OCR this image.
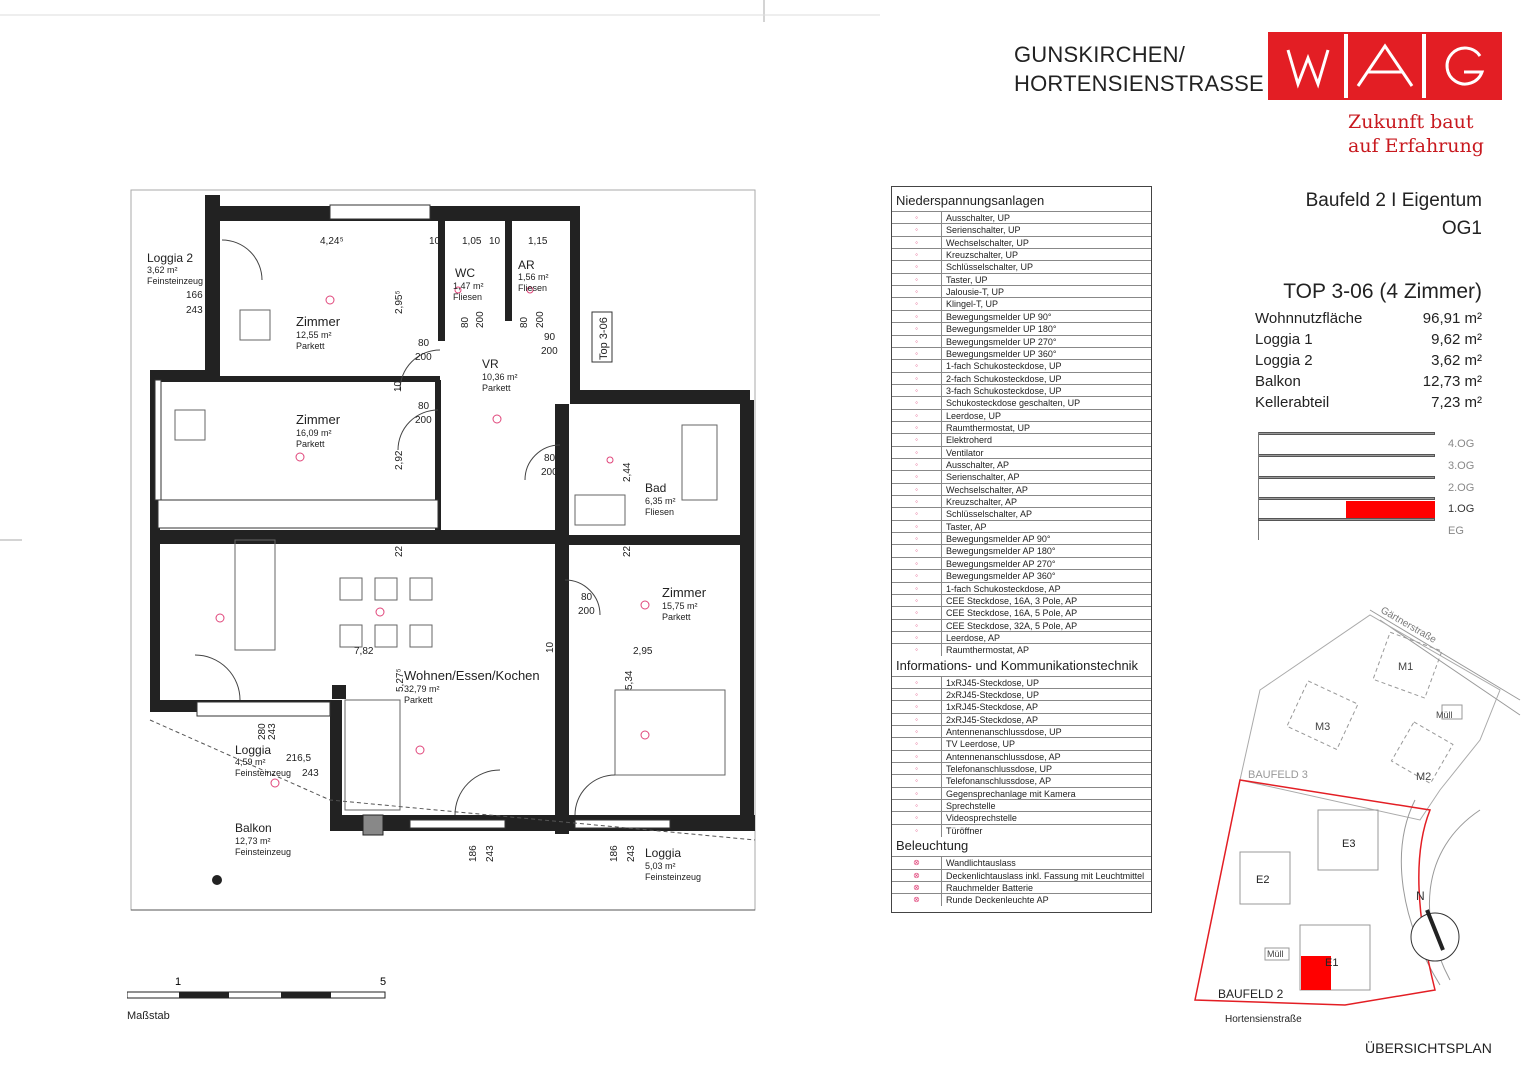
GUNSKIRCHEN/
HORTENSIENSTRASSE
Zukunft baut
auf Erfahrung
Baufeld 2 I Eigentum
OG1
TOP 3-06 (4 Zimmer)
Wohnnutzfläche	96,91 m²
Loggia 1	9,62 m²
Loggia 2	3,62 m²
Balkon	12,73 m²
Kellerabteil	7,23 m²
4.OG
3.OG
2.OG
1.OG
EG
Niederspannungsanlagen
◦	Ausschalter, UP
◦	Serienschalter, UP
◦	Wechselschalter, UP
◦	Kreuzschalter, UP
◦	Schlüsselschalter, UP
◦	Taster, UP
◦	Jalousie-T, UP
◦	Klingel-T, UP
◦	Bewegungsmelder UP 90°
◦	Bewegungsmelder UP 180°
◦	Bewegungsmelder UP 270°
◦	Bewegungsmelder UP 360°
◦	1-fach Schukosteckdose, UP
◦	2-fach Schukosteckdose, UP
◦	3-fach Schukosteckdose, UP
◦	Schukosteckdose geschalten, UP
◦	Leerdose, UP
◦	Raumthermostat, UP
◦	Elektroherd
◦	Ventilator
◦	Ausschalter, AP
◦	Serienschalter, AP
◦	Wechselschalter, AP
◦	Kreuzschalter, AP
◦	Schlüsselschalter, AP
◦	Taster, AP
◦	Bewegungsmelder AP 90°
◦	Bewegungsmelder AP 180°
◦	Bewegungsmelder AP 270°
◦	Bewegungsmelder AP 360°
◦	1-fach Schukosteckdose, AP
◦	CEE Steckdose, 16A, 3 Pole, AP
◦	CEE Steckdose, 16A, 5 Pole, AP
◦	CEE Steckdose, 32A, 5 Pole, AP
◦	Leerdose, AP
◦	Raumthermostat, AP
Informations- und Kommunikationstechnik
◦	1xRJ45-Steckdose, UP
◦	2xRJ45-Steckdose, UP
◦	1xRJ45-Steckdose, AP
◦	2xRJ45-Steckdose, AP
◦	Antennenanschlussdose, UP
◦	TV Leerdose, UP
◦	Antennenanschlussdose, AP
◦	Telefonanschlussdose, UP
◦	Telefonanschlussdose, AP
◦	Gegensprechanlage mit Kamera
◦	Sprechstelle
◦	Videosprechstelle
◦	Türöffner
Beleuchtung
⊗	Wandlichtauslass
⊗	Deckenlichtauslass inkl. Fassung mit Leuchtmittel
⊗	Rauchmelder Batterie
⊗	Runde Deckenleuchte AP
Top 3-06
Loggia 2
3,62 m²
Feinsteinzeug
Zimmer
12,55 m²
Parkett
WC
1,47 m²
Fliesen
AR
1,56 m²
Fliesen
VR
10,36 m²
Parkett
Zimmer
16,09 m²
Parkett
Bad
6,35 m²
Fliesen
Zimmer
15,75 m²
Parkett
Wohnen/Essen/Kochen
32,79 m²
Parkett
Loggia
4,59 m²
Feinsteinzeug
Balkon
12,73 m²
Feinsteinzeug	Loggia
5,03 m²
Feinsteinzeug
4,24⁵	1,05	1,15
2,95⁵
2,92
2,44
7,82
5,27⁵
2,95
5,34
216,5
280 243
166
186
243
243
243	186 243
10	10
10
10
22	22
80
200
80
200
80
200
80
200
80 200	80 200
90
200
1	5
Maßstab
Gärtnerstraße
M1
M2
M3
E1
E2
E3
Müll
Müll
BAUFELD 3
BAUFELD 2
Hortensienstraße
N
ÜBERSICHTSPLAN
